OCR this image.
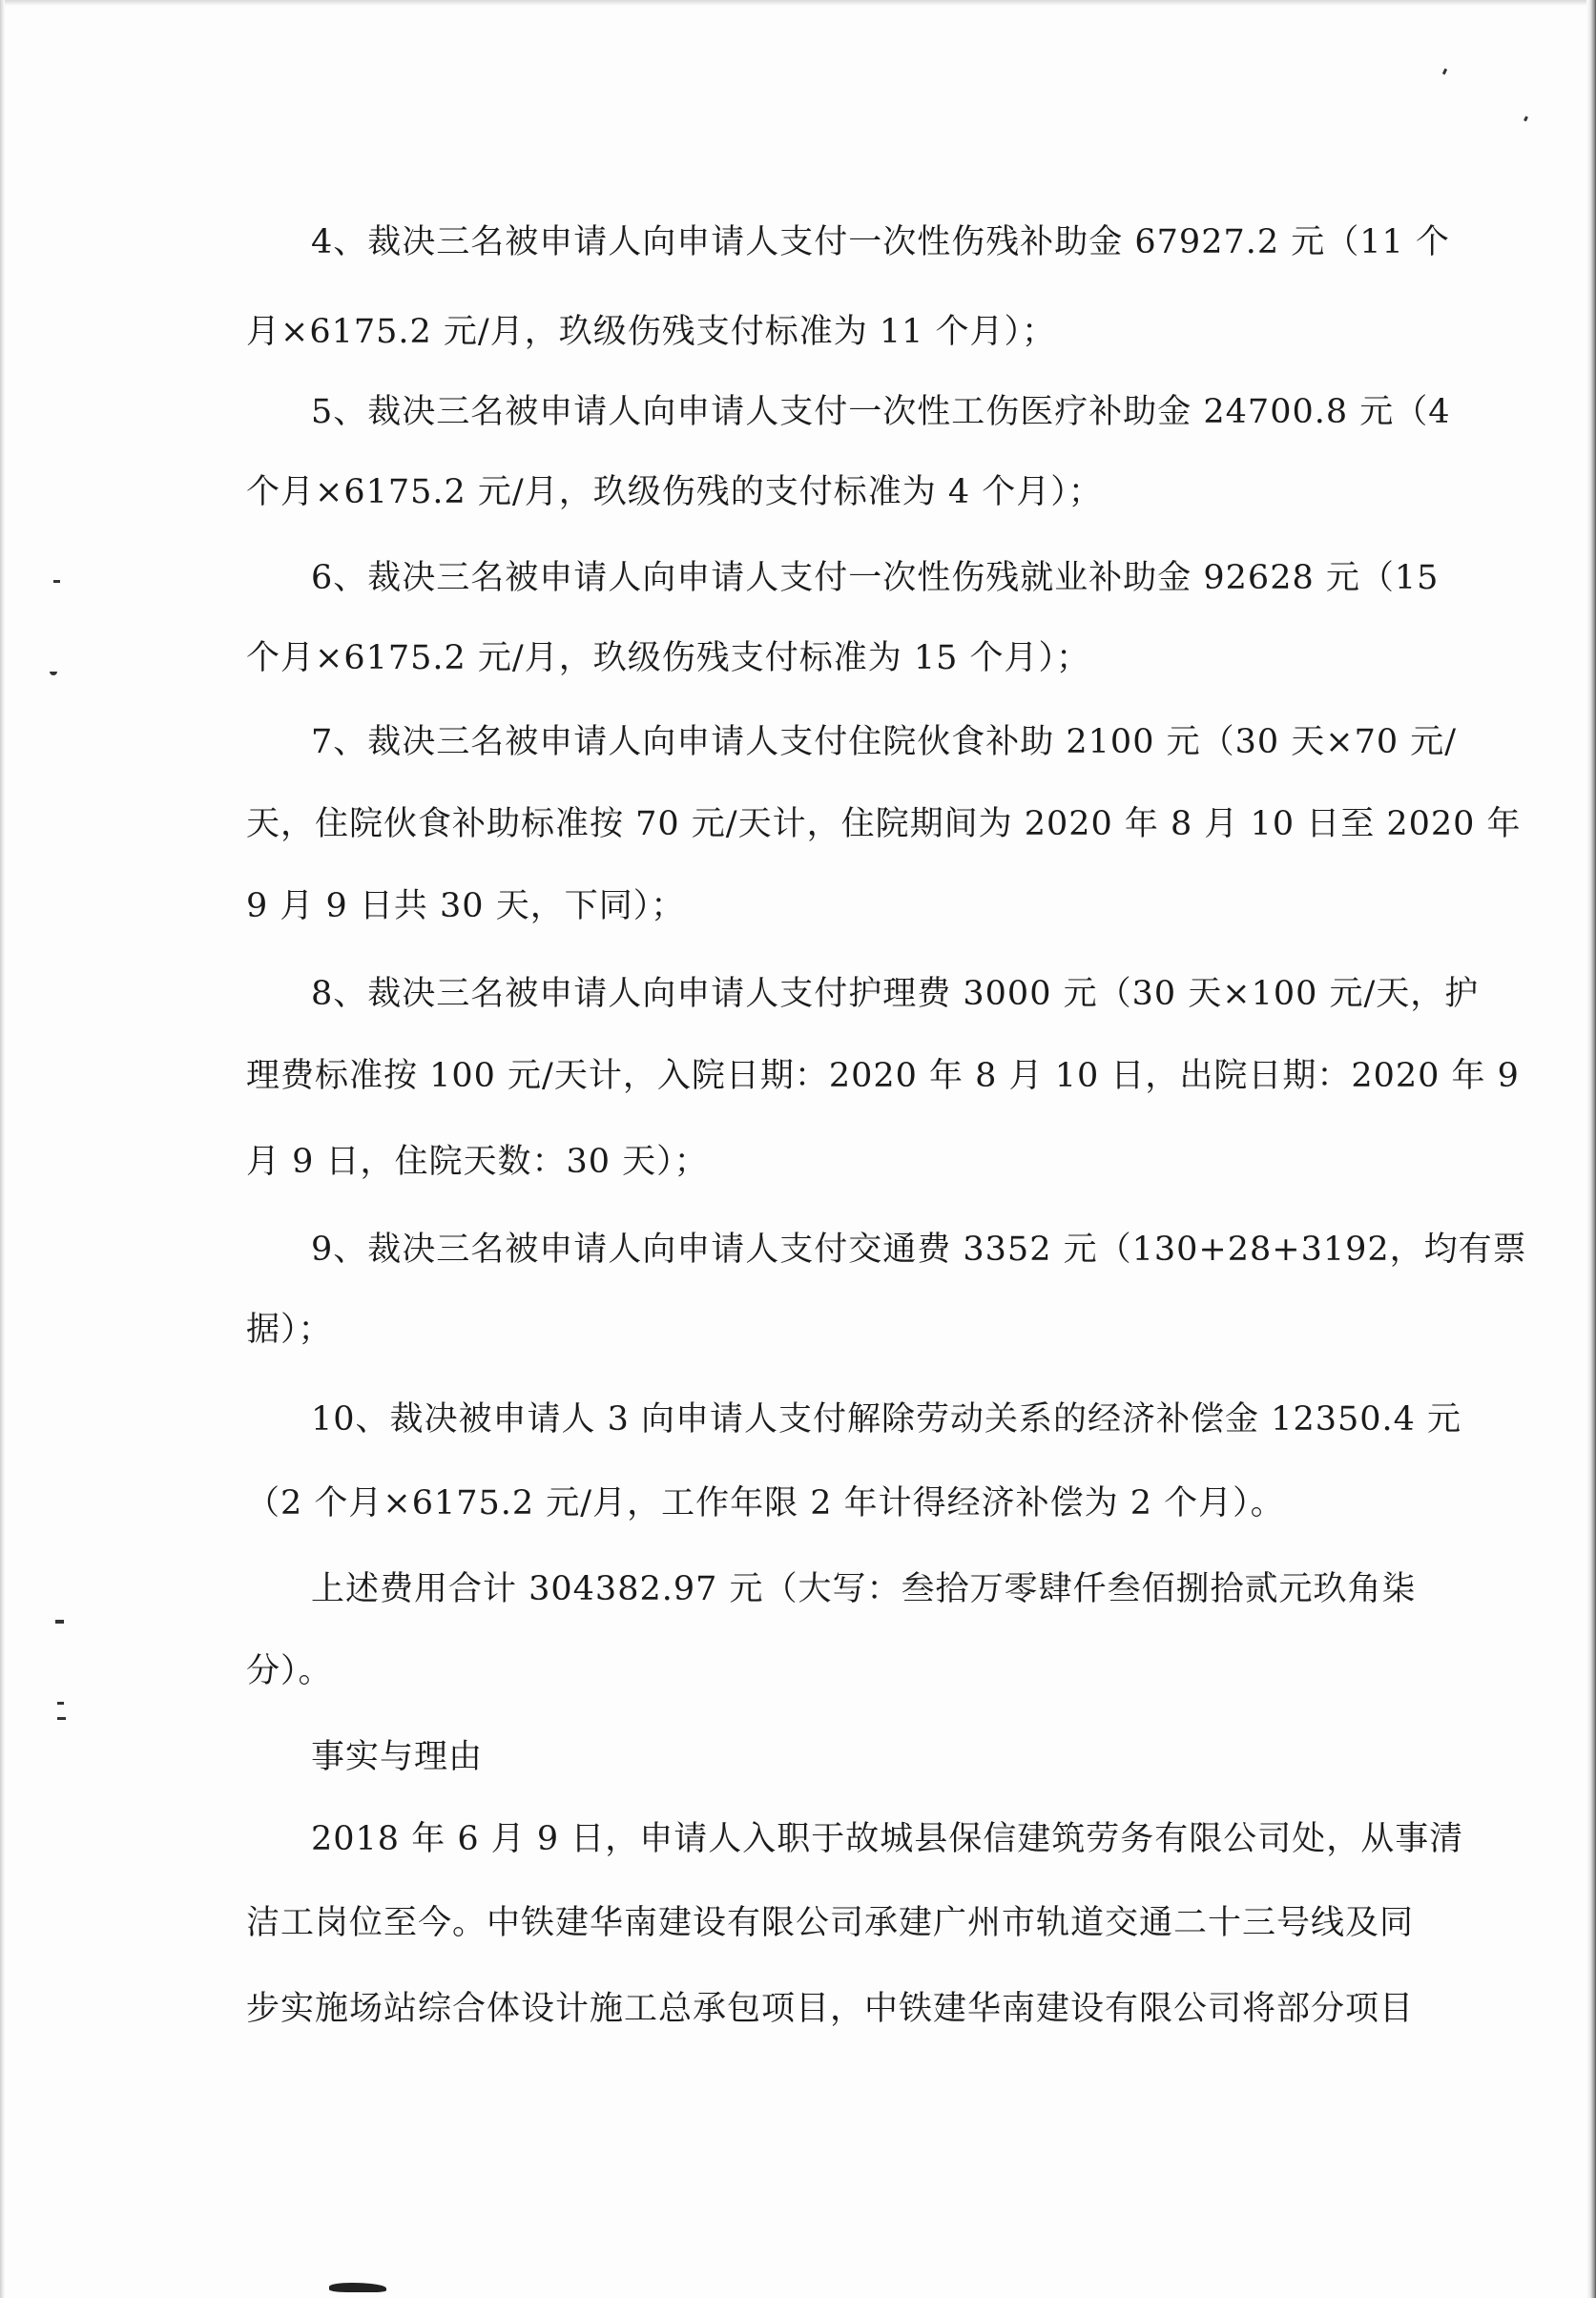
4、裁决三名被申请人向申请人支付一次性伤残补助金 67927.2 元（11 个
月×6175.2 元/月，玖级伤残支付标准为 11 个月）；
5、裁决三名被申请人向申请人支付一次性工伤医疗补助金 24700.8 元（4
个月×6175.2 元/月，玖级伤残的支付标准为 4 个月）；
6、裁决三名被申请人向申请人支付一次性伤残就业补助金 92628 元（15
个月×6175.2 元/月，玖级伤残支付标准为 15 个月）；
7、裁决三名被申请人向申请人支付住院伙食补助 2100 元（30 天×70 元/
天，住院伙食补助标准按 70 元/天计，住院期间为 2020 年 8 月 10 日至 2020 年
9 月 9 日共 30 天，下同）；
8、裁决三名被申请人向申请人支付护理费 3000 元（30 天×100 元/天，护
理费标准按 100 元/天计，入院日期：2020 年 8 月 10 日，出院日期：2020 年 9
月 9 日，住院天数：30 天）；
9、裁决三名被申请人向申请人支付交通费 3352 元（130+28+3192，均有票
据）；
10、裁决被申请人 3 向申请人支付解除劳动关系的经济补偿金 12350.4 元
（2 个月×6175.2 元/月，工作年限 2 年计得经济补偿为 2 个月）。
上述费用合计 304382.97 元（大写：叁拾万零肆仟叁佰捌拾贰元玖角柒
分）。
事实与理由
2018 年 6 月 9 日，申请人入职于故城县保信建筑劳务有限公司处，从事清
洁工岗位至今。中铁建华南建设有限公司承建广州市轨道交通二十三号线及同
步实施场站综合体设计施工总承包项目，中铁建华南建设有限公司将部分项目
